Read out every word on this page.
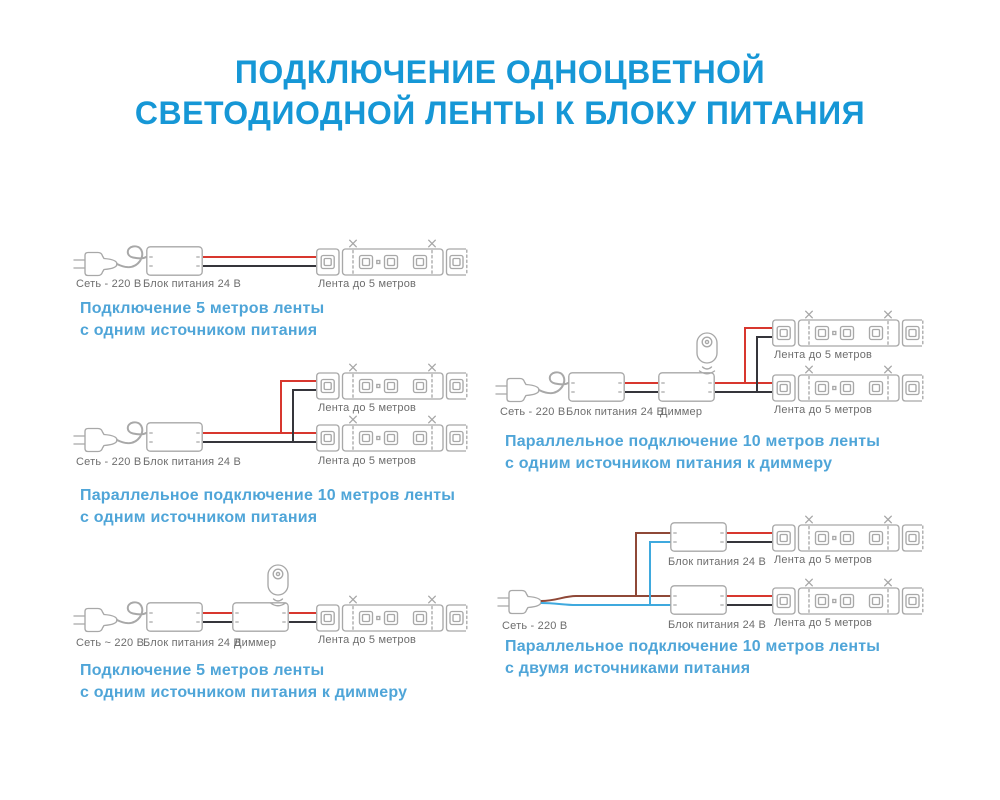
ПОДКЛЮЧЕНИЕ ОДНОЦВЕТНОЙ
СВЕТОДИОДНОЙ ЛЕНТЫ К БЛОКУ ПИТАНИЯ
Сеть - 220 В Блок питания 24 В	Лента до 5 метров
Подключение 5 метров ленты
с одним источником питания
Лента до 5 метров
Сеть - 220 В Блок питания 24 В	Лента до 5 метров
Параллельное подключение 10 метров ленты
с одним источником питания
Сеть ~ 220 В
Блок питания 24 В
Диммер	Лента до 5 метров
Подключение 5 метров ленты
с одним источником питания к диммеру
Лента до 5 метров
Сеть - 220 В Блок питания 24 В
Диммер	Лента до 5 метров
Параллельное подключение 10 метров ленты
с одним источником питания к диммеру
Лента до 5 метров
Блок питания 24 В
Лента до 5 метров
Блок питания 24 В
Сеть - 220 В
Параллельное подключение 10 метров ленты
с двумя источниками питания
